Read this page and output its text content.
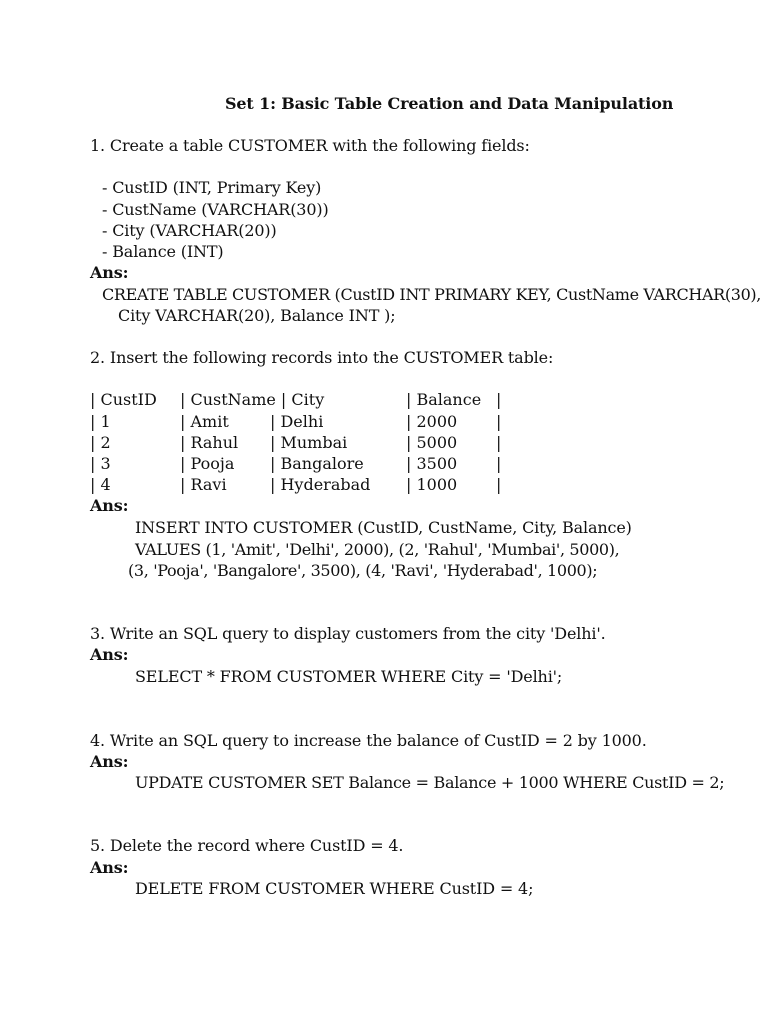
Set 1: Basic Table Creation and Data Manipulation
1. Create a table CUSTOMER with the following fields:
- CustID (INT, Primary Key)
- CustName (VARCHAR(30))
- City (VARCHAR(20))
- Balance (INT)
Ans:
CREATE TABLE CUSTOMER (CustID INT PRIMARY KEY, CustName VARCHAR(30),
City VARCHAR(20), Balance INT );
2. Insert the following records into the CUSTOMER table:
| CustID | CustName | City	| Balance |
| 1	| Amit	| Delhi	| 2000 |
| 2	| Rahul | Mumbai	| 5000 |
| 3	| Pooja | Bangalore	| 3500 |
| 4	| Ravi	| Hyderabad | 1000 |
Ans:
INSERT INTO CUSTOMER (CustID, CustName, City, Balance)
VALUES (1, 'Amit', 'Delhi', 2000), (2, 'Rahul', 'Mumbai', 5000),
(3, 'Pooja', 'Bangalore', 3500), (4, 'Ravi', 'Hyderabad', 1000);
3. Write an SQL query to display customers from the city 'Delhi'.
Ans:
SELECT * FROM CUSTOMER WHERE City = 'Delhi';
4. Write an SQL query to increase the balance of CustID = 2 by 1000.
Ans:
UPDATE CUSTOMER SET Balance = Balance + 1000 WHERE CustID = 2;
5. Delete the record where CustID = 4.
Ans:
DELETE FROM CUSTOMER WHERE CustID = 4;
